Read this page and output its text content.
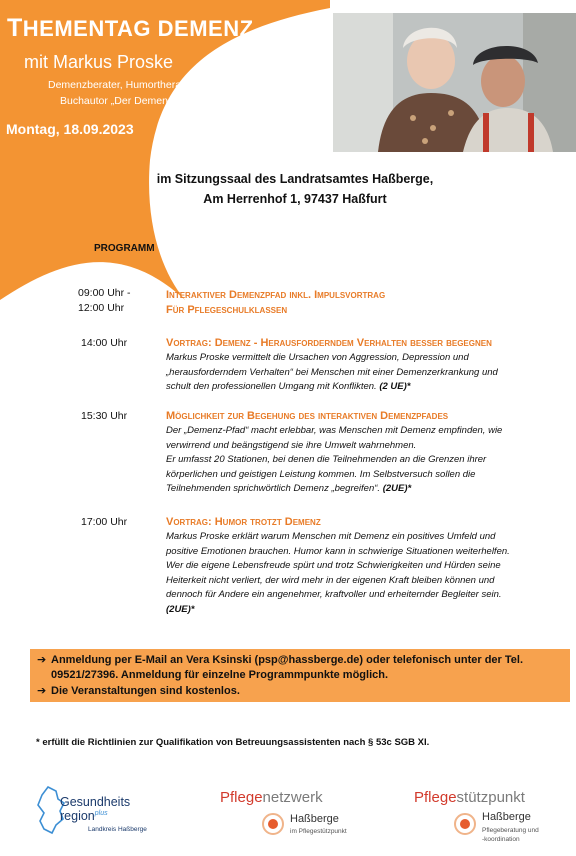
THEMENTAG DEMENZ
mit Markus Proske
Demenzberater, Humortherapeut,
Buchautor „Der Demenz Knigge“
Montag, 18.09.2023
im Sitzungssaal des Landratsamtes Haßberge,
Am Herrenhof 1, 97437 Haßfurt
PROGRAMM
09:00 Uhr -
12:00 Uhr
Interaktiver Demenzpfad inkl. Impulsvortrag
Für Pflegeschulklassen
14:00 Uhr	Vortrag: Demenz - Herausforderndem Verhalten besser begegnen
Markus Proske vermittelt die Ursachen von Aggression, Depression und
„herausforderndem Verhalten“ bei Menschen mit einer Demenzerkrankung und
schult den professionellen Umgang mit Konflikten. (2 UE)*
15:30 Uhr	Möglichkeit zur Begehung des interaktiven Demenzpfades
Der „Demenz-Pfad“ macht erlebbar, was Menschen mit Demenz empfinden, wie
verwirrend und beängstigend sie ihre Umwelt wahrnehmen.
Er umfasst 20 Stationen, bei denen die Teilnehmenden an die Grenzen ihrer
körperlichen und geistigen Leistung kommen. Im Selbstversuch sollen die
Teilnehmenden sprichwörtlich Demenz „begreifen“. (2UE)*
17:00 Uhr	Vortrag: Humor trotzt Demenz
Markus Proske erklärt warum Menschen mit Demenz ein positives Umfeld und
positive Emotionen brauchen. Humor kann in schwierige Situationen weiterhelfen.
Wer die eigene Lebensfreude spürt und trotz Schwierigkeiten und Hürden seine
Heiterkeit nicht verliert, der wird mehr in der eigenen Kraft bleiben können und
dennoch für Andere ein angenehmer, kraftvoller und erheiternder Begleiter sein.
(2UE)*
➔ Anmeldung per E-Mail an Vera Ksinski (psp@hassberge.de) oder telefonisch unter der Tel.
09521/27396. Anmeldung für einzelne Programmpunkte möglich.
➔ Die Veranstaltungen sind kostenlos.
* erfüllt die Richtlinien zur Qualifikation von Betreuungsassistenten nach § 53c SGB XI.
Gesundheits
region$^{plus}$
Landkreis Haßberge
Pflegenetzwerk
Haßberge
im Pflegestützpunkt
Pflegestützpunkt
Haßberge
Pflegeberatung und
-koordination
